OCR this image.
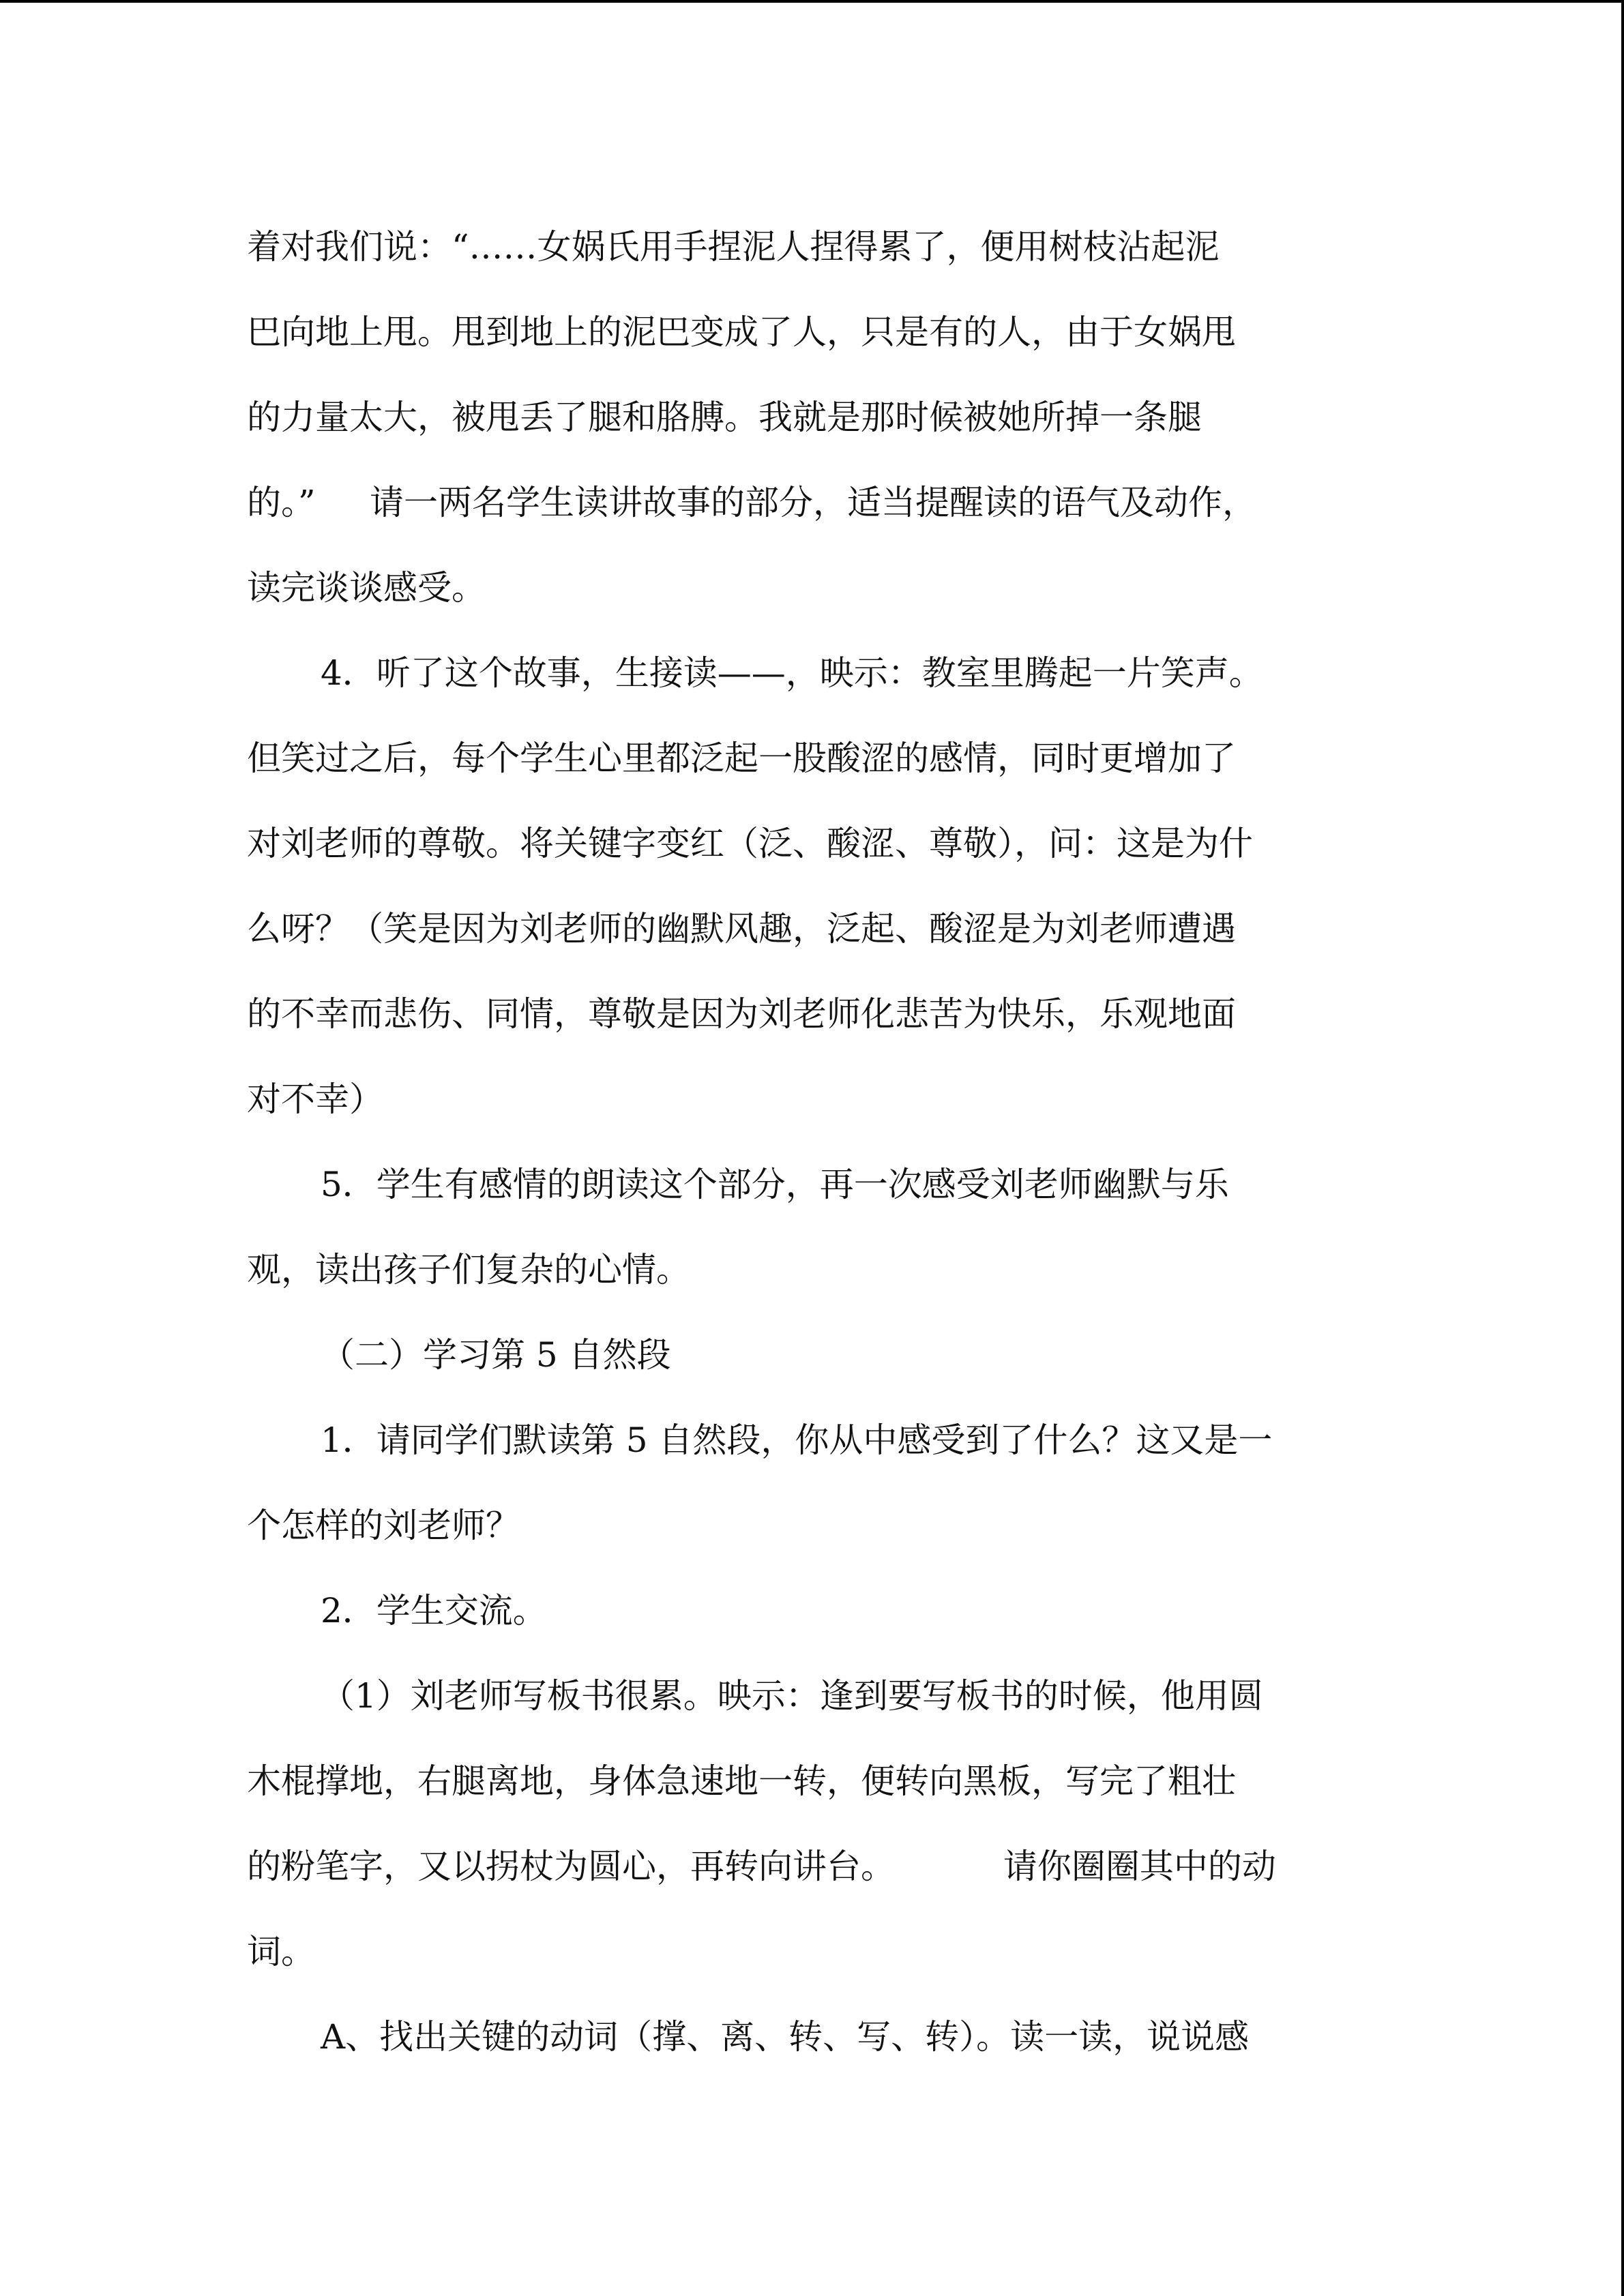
着对我们说：“……女娲氏用手捏泥人捏得累了，便用树枝沾起泥
巴向地上甩。甩到地上的泥巴变成了人，只是有的人，由于女娲甩
的力量太大，被甩丢了腿和胳膊。我就是那时候被她所掉一条腿
的。”     请一两名学生读讲故事的部分，适当提醒读的语气及动作，
读完谈谈感受。
4．听了这个故事，生接读——，映示：教室里腾起一片笑声。
但笑过之后，每个学生心里都泛起一股酸涩的感情，同时更增加了
对刘老师的尊敬。将关键字变红（泛、酸涩、尊敬），问：这是为什
么呀？（笑是因为刘老师的幽默风趣，泛起、酸涩是为刘老师遭遇
的不幸而悲伤、同情，尊敬是因为刘老师化悲苦为快乐，乐观地面
对不幸）
5．学生有感情的朗读这个部分，再一次感受刘老师幽默与乐
观，读出孩子们复杂的心情。
（二）学习第 5 自然段
1．请同学们默读第 5 自然段，你从中感受到了什么？这又是一
个怎样的刘老师？
2．学生交流。
（1）刘老师写板书很累。映示：逢到要写板书的时候，他用圆
木棍撑地，右腿离地，身体急速地一转，便转向黑板，写完了粗壮
的粉笔字，又以拐杖为圆心，再转向讲台。          请你圈圈其中的动
词。
A、找出关键的动词（撑、离、转、写、转）。读一读，说说感
